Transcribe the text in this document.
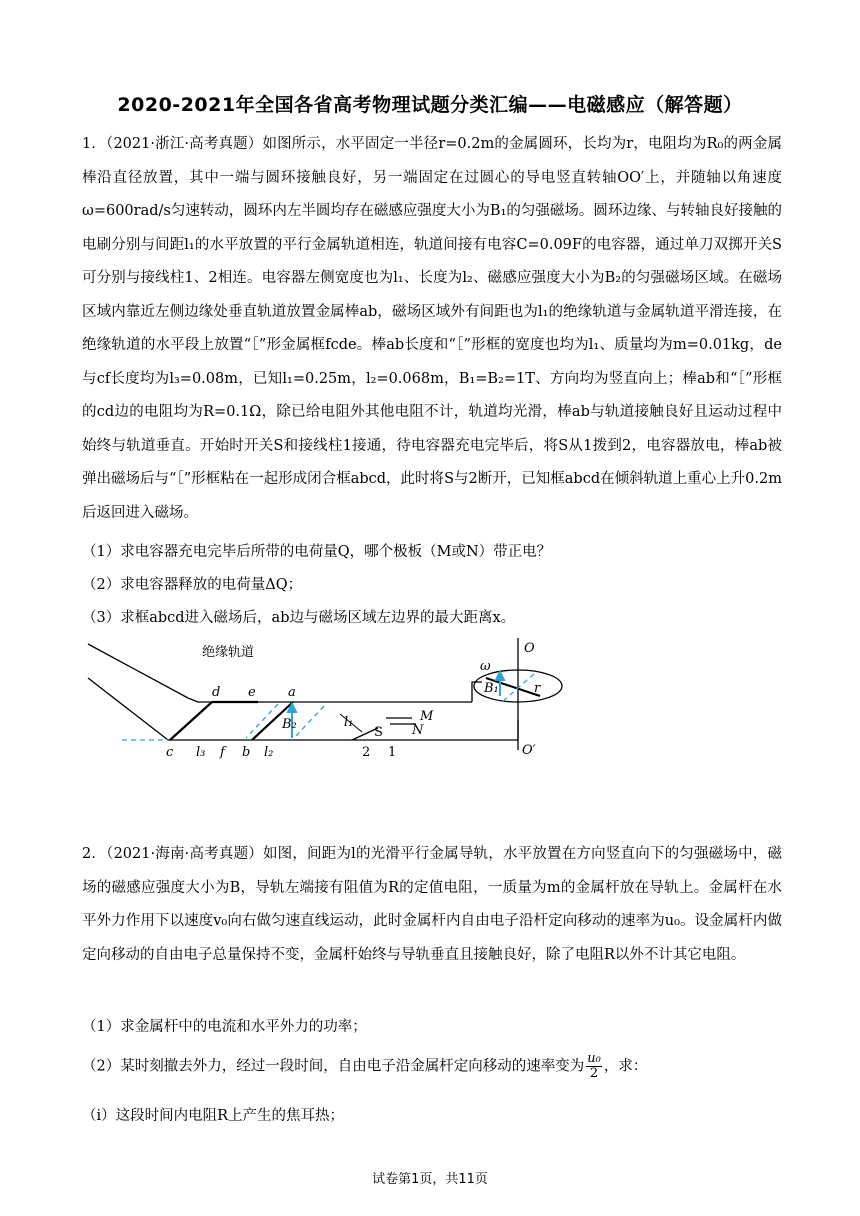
2020-2021年全国各省高考物理试题分类汇编——电磁感应（解答题）
1．（2021·浙江·高考真题）如图所示，水平固定一半径r=0.2m的金属圆环，长均为r，电阻均为R₀的两金属棒沿直径放置，其中一端与圆环接触良好，另一端固定在过圆心的导电竖直转轴OO′上，并随轴以角速度ω=600rad/s匀速转动，圆环内左半圆均存在磁感应强度大小为B₁的匀强磁场。圆环边缘、与转轴良好接触的电刷分别与间距l₁的水平放置的平行金属轨道相连，轨道间接有电容C=0.09F的电容器，通过单刀双掷开关S可分别与接线柱1、2相连。电容器左侧宽度也为l₁、长度为l₂、磁感应强度大小为B₂的匀强磁场区域。在磁场区域内靠近左侧边缘处垂直轨道放置金属棒ab，磁场区域外有间距也为l₁的绝缘轨道与金属轨道平滑连接，在绝缘轨道的水平段上放置“［”形金属框fcde。棒ab长度和“［”形框的宽度也均为l₁、质量均为m=0.01kg，de与cf长度均为l₃=0.08m，已知l₁=0.25m，l₂=0.068m，B₁=B₂=1T、方向均为竖直向上；棒ab和“［”形框的cd边的电阻均为R=0.1Ω，除已给电阻外其他电阻不计，轨道均光滑，棒ab与轨道接触良好且运动过程中始终与轨道垂直。开始时开关S和接线柱1接通，待电容器充电完毕后，将S从1拨到2，电容器放电，棒ab被弹出磁场后与“［”形框粘在一起形成闭合框abcd，此时将S与2断开，已知框abcd在倾斜轨道上重心上升0.2m后返回进入磁场。
（1）求电容器充电完毕后所带的电荷量Q，哪个极板（M或N）带正电？
（2）求电容器释放的电荷量ΔQ；
（3）求框abcd进入磁场后，ab边与磁场区域左边界的最大距离x。
绝缘轨道
d e a
c l₃ f b l₂
B₂	l₁
S
M
N
2 1
O
O′
ω
B₁	r
2．（2021·海南·高考真题）如图，间距为l的光滑平行金属导轨，水平放置在方向竖直向下的匀强磁场中，磁场的磁感应强度大小为B，导轨左端接有阻值为R的定值电阻，一质量为m的金属杆放在导轨上。金属杆在水平外力作用下以速度v₀向右做匀速直线运动，此时金属杆内自由电子沿杆定向移动的速率为u₀。设金属杆内做定向移动的自由电子总量保持不变，金属杆始终与导轨垂直且接触良好，除了电阻R以外不计其它电阻。
（1）求金属杆中的电流和水平外力的功率；
（2）某时刻撤去外力，经过一段时间，自由电子沿金属杆定向移动的速率变为 $\frac{\text{u₀}}{2}$ ，求：
（i）这段时间内电阻R上产生的焦耳热；
试卷第1页，共11页
